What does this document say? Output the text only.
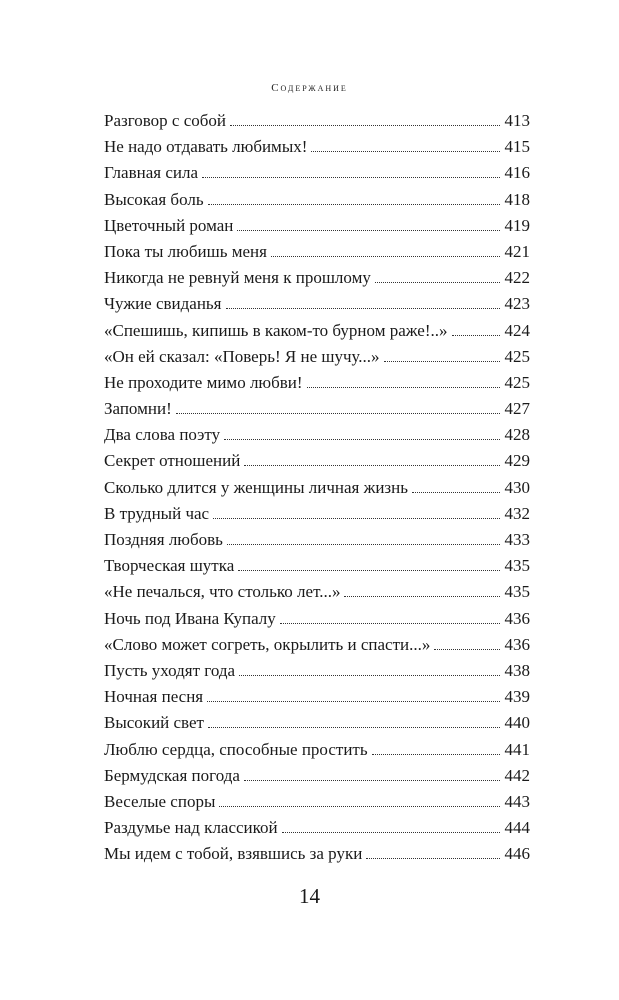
Содержание
Разговор с собой	413
Не надо отдавать любимых!	415
Главная сила	416
Высокая боль	418
Цветочный роман	419
Пока ты любишь меня	421
Никогда не ревнуй меня к прошлому	422
Чужие свиданья	423
«Спешишь, кипишь в каком-то бурном раже!..»	424
«Он ей сказал: «Поверь! Я не шучу...»	425
Не проходите мимо любви!	425
Запомни!	427
Два слова поэту	428
Секрет отношений	429
Сколько длится у женщины личная жизнь	430
В трудный час	432
Поздняя любовь	433
Творческая шутка	435
«Не печалься, что столько лет...»	435
Ночь под Ивана Купалу	436
«Слово может согреть, окрылить и спасти...»	436
Пусть уходят года	438
Ночная песня	439
Высокий свет	440
Люблю сердца, способные простить	441
Бермудская погода	442
Веселые споры	443
Раздумье над классикой	444
Мы идем с тобой, взявшись за руки	446
14
